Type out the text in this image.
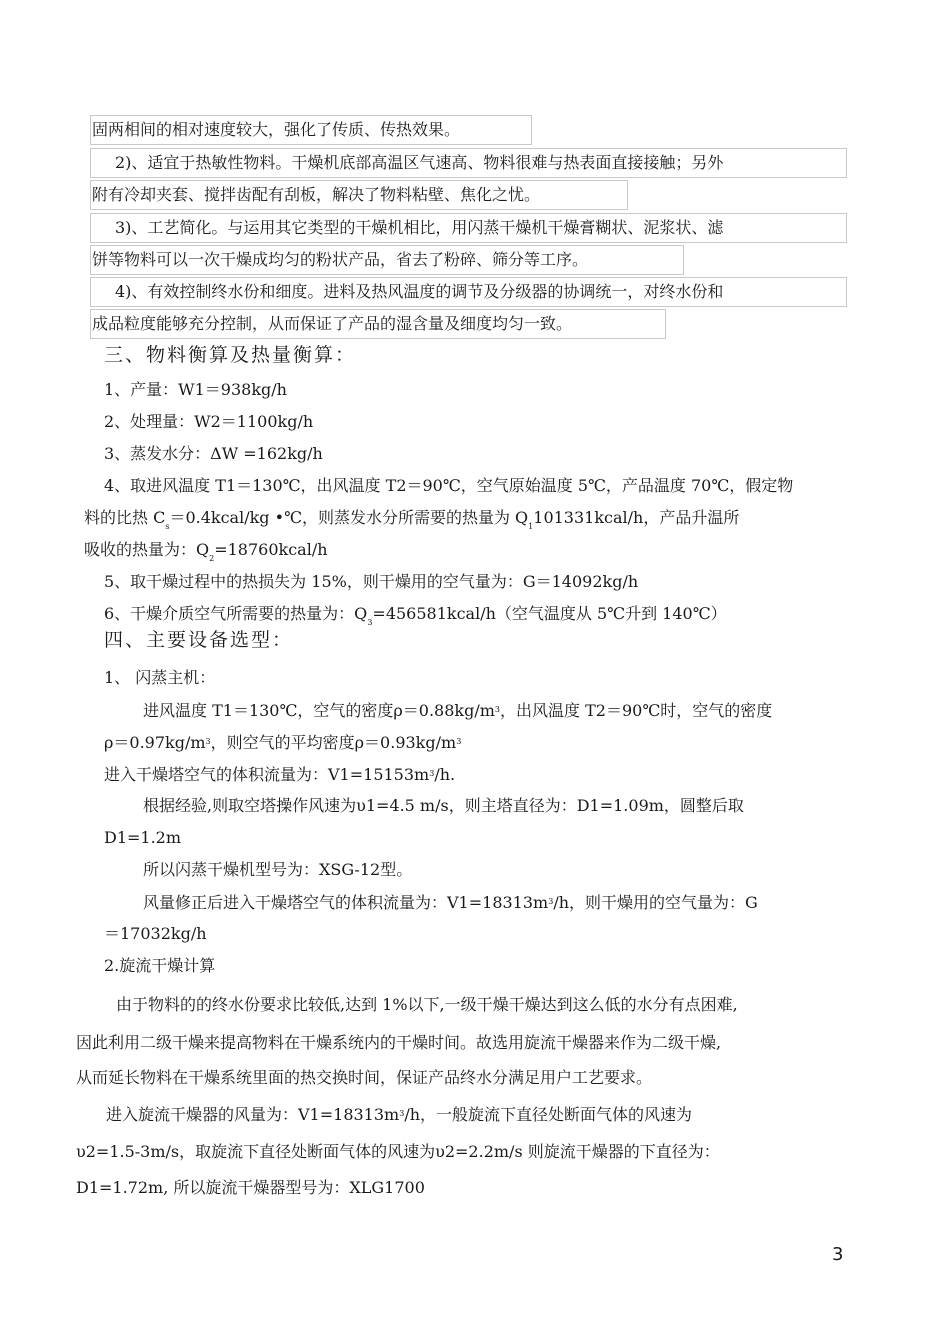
固两相间的相对速度较大，强化了传质、传热效果。
2)、适宜于热敏性物料。干燥机底部高温区气速高、物料很难与热表面直接接触；另外
附有冷却夹套、搅拌齿配有刮板，解决了物料粘壁、焦化之忧。
3)、工艺简化。与运用其它类型的干燥机相比，用闪蒸干燥机干燥膏糊状、泥浆状、滤
饼等物料可以一次干燥成均匀的粉状产品，省去了粉碎、筛分等工序。
4)、有效控制终水份和细度。进料及热风温度的调节及分级器的协调统一，对终水份和
成品粒度能够充分控制，从而保证了产品的湿含量及细度均匀一致。
三、物料衡算及热量衡算：
1、产量：W1＝938kg/h
2、处理量：W2＝1100kg/h
3、蒸发水分：ΔW =162kg/h
4、取进风温度 T1＝130℃，出风温度 T2＝90℃，空气原始温度 5℃，产品温度 70℃，假定物
料的比热 $C_s=0.4kcal/kg$ •℃，则蒸发水分所需要的热量为 $Q_1101331kcal/h$，产品升温所
吸收的热量为：$Q_2=18760kcal/h$
5、取干燥过程中的热损失为 15%，则干燥用的空气量为：G＝14092kg/h
6、干燥介质空气所需要的热量为：$Q_3=456581kcal/h$（空气温度从 5℃升到 140℃）
四、主要设备选型：
1、 闪蒸主机：
进风温度 T1＝130℃，空气的密度$\rho=0.88kg/m^3$，出风温度 T2＝90℃时，空气的密度
$\rho=0.97kg/m^3$，则空气的平均密度$\rho=0.93kg/m^3$
进入干燥塔空气的体积流量为：$V1=15153m^3/h$.
根据经验,则取空塔操作风速为υ1=4.5 m/s，则主塔直径为：D1=1.09m，圆整后取
D1=1.2m
所以闪蒸干燥机型号为：XSG-12型。
风量修正后进入干燥塔空气的体积流量为：$V1=18313m^3/h$，则干燥用的空气量为：G
＝17032kg/h
2.旋流干燥计算
由于物料的的终水份要求比较低,达到 1%以下,一级干燥干燥达到这么低的水分有点困难,
因此利用二级干燥来提高物料在干燥系统内的干燥时间。故选用旋流干燥器来作为二级干燥,
从而延长物料在干燥系统里面的热交换时间，保证产品终水分满足用户工艺要求。
进入旋流干燥器的风量为：$V1=18313m^3/h$，一般旋流下直径处断面气体的风速为
υ2=1.5-3m/s，取旋流下直径处断面气体的风速为υ2=2.2m/s 则旋流干燥器的下直径为：
D1=1.72m, 所以旋流干燥器型号为：XLG1700
3
